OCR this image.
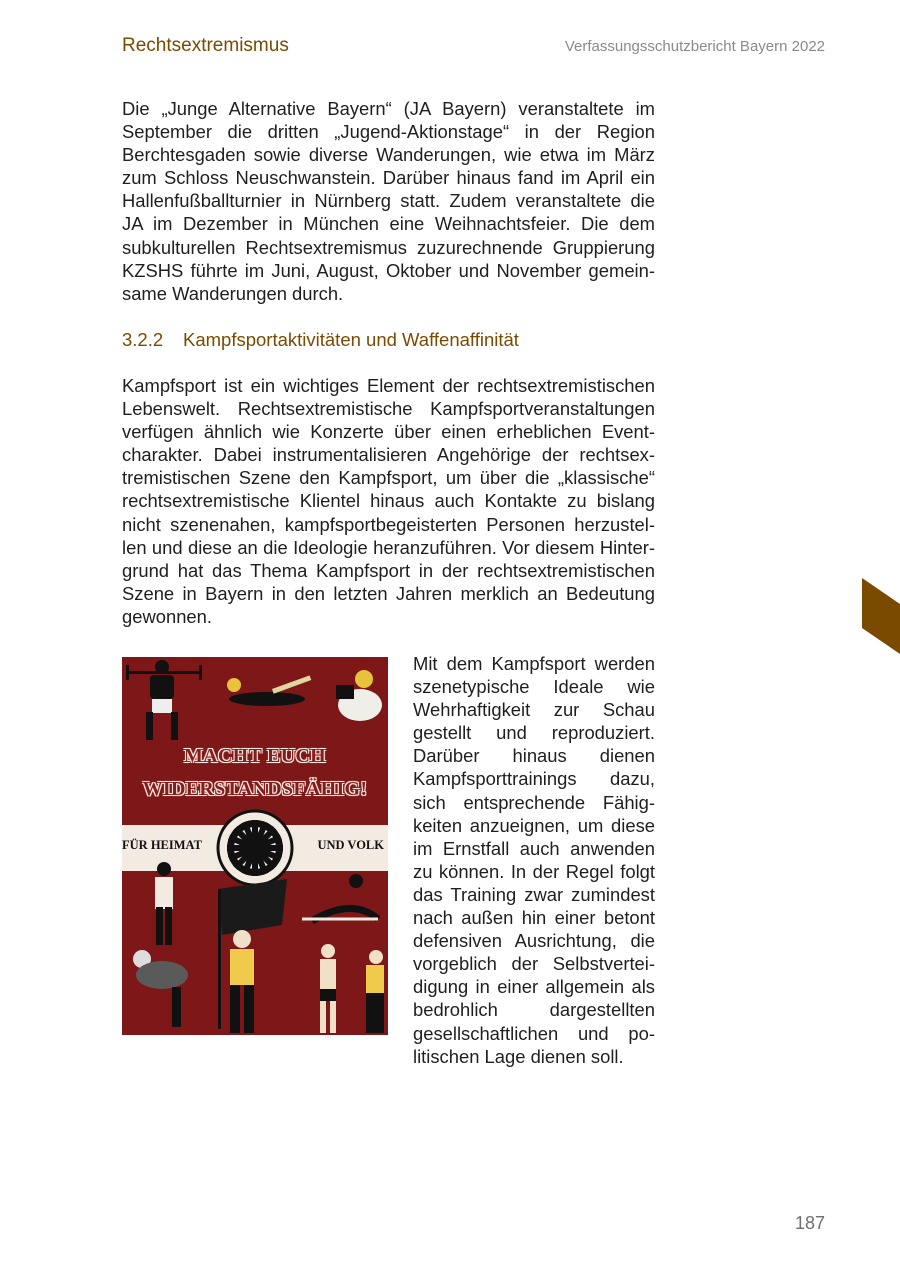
Rechtsextremismus	Verfassungsschutzbericht Bayern 2022

Die „Junge Alternative Bayern“ (JA Bayern) veranstaltete im September die dritten „Jugend-Aktionstage“ in der Region Berchtesgaden sowie diverse Wanderungen, wie etwa im März zum Schloss Neuschwanstein. Darüber hinaus fand im April ein Hallenfußballturnier in Nürnberg statt. Zudem veranstaltete die JA im Dezember in München eine Weihnachtsfeier. Die dem subkulturellen Rechtsextremismus zuzurechnende Gruppierung KZSHS führte im Juni, August, Oktober und November gemeinsame Wanderungen durch.

3.2.2 Kampfsportaktivitäten und Waffenaffinität

Kampfsport ist ein wichtiges Element der rechtsextremistischen Lebenswelt. Rechtsextremistische Kampfsportveranstaltungen verfügen ähnlich wie Konzerte über einen erheblichen Eventcharakter. Dabei instrumentalisieren Angehörige der rechtsextremistischen Szene den Kampfsport, um über die „klassische“ rechtsextremistische Klientel hinaus auch Kontakte zu bislang nicht szenenahen, kampfsportbegeisterten Personen herzustellen und diese an die Ideologie heranzuführen. Vor diesem Hintergrund hat das Thema Kampfsport in der rechtsextremistischen Szene in Bayern in den letzten Jahren merklich an Bedeutung gewonnen.

MACHT EUCH
WIDERSTANDSFÄHIG!
FÜR HEIMAT	UND VOLK

Mit dem Kampfsport werden szenetypische Ideale wie Wehrhaftigkeit zur Schau gestellt und reproduziert. Darüber hinaus dienen Kampfsporttrainings dazu, sich entsprechende Fähigkeiten anzueignen, um diese im Ernstfall auch anwenden zu können. In der Regel folgt das Training zwar zumindest nach außen hin einer betont defensiven Ausrichtung, die vorgeblich der Selbstverteidigung in einer allgemein als bedrohlich dargestellten gesellschaftlichen und politischen Lage dienen soll.

187
